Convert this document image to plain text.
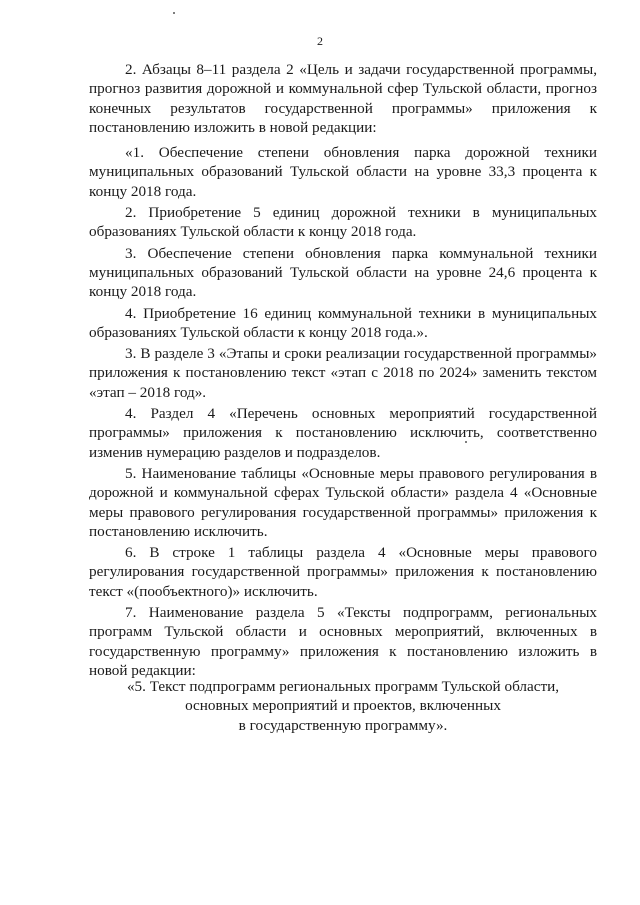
2

2. Абзацы 8–11 раздела 2 «Цель и задачи государственной программы, прогноз развития дорожной и коммунальной сфер Тульской области, прогноз конечных результатов государственной программы» приложения к постановлению изложить в новой редакции:

«1. Обеспечение степени обновления парка дорожной техники муниципальных образований Тульской области на уровне 33,3 процента к концу 2018 года.

2. Приобретение 5 единиц дорожной техники в муниципальных образованиях Тульской области к концу 2018 года.

3. Обеспечение степени обновления парка коммунальной техники муниципальных образований Тульской области на уровне 24,6 процента к концу 2018 года.

4. Приобретение 16 единиц коммунальной техники в муниципальных образованиях Тульской области к концу 2018 года.».

3. В разделе 3 «Этапы и сроки реализации государственной программы» приложения к постановлению текст «этап с 2018 по 2024» заменить текстом «этап – 2018 год».

4. Раздел 4 «Перечень основных мероприятий государственной программы» приложения к постановлению исключить, соответственно изменив нумерацию разделов и подразделов.

5. Наименование таблицы «Основные меры правового регулирования в дорожной и коммунальной сферах Тульской области» раздела 4 «Основные меры правового регулирования государственной программы» приложения к постановлению исключить.

6. В строке 1 таблицы раздела 4 «Основные меры правового регулирования государственной программы» приложения к постановлению текст «(пообъектного)» исключить.

7. Наименование раздела 5 «Тексты подпрограмм, региональных программ Тульской области и основных мероприятий, включенных в государственную программу» приложения к постановлению изложить в новой редакции:

«5. Текст подпрограмм региональных программ Тульской области,
основных мероприятий и проектов, включенных
в государственную программу».
